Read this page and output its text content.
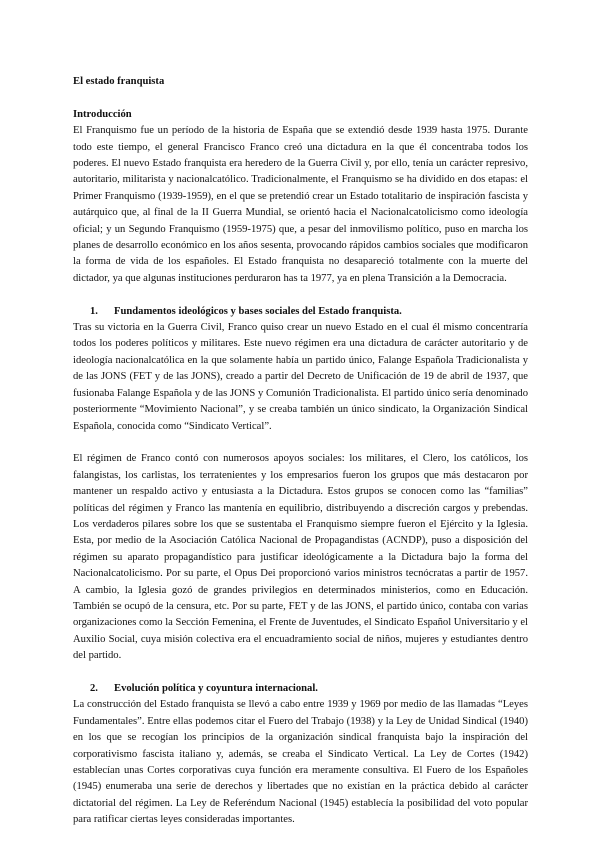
El estado franquista

Introducción

El Franquismo fue un período de la historia de España que se extendió desde 1939 hasta 1975. Durante todo este tiempo, el general Francisco Franco creó una dictadura en la que él concentraba todos los poderes. El nuevo Estado franquista era heredero de la Guerra Civil y, por ello, tenía un carácter represivo, autoritario, militarista y nacionalcatólico. Tradicionalmente, el Franquismo se ha dividido en dos etapas: el Primer Franquismo (1939-1959), en el que se pretendió crear un Estado totalitario de inspiración fascista y autárquico que, al final de la II Guerra Mundial, se orientó hacia el Nacionalcatolicismo como ideología oficial; y un Segundo Franquismo (1959-1975) que, a pesar del inmovilismo político, puso en marcha los planes de desarrollo económico en los años sesenta, provocando rápidos cambios sociales que modificaron la forma de vida de los españoles. El Estado franquista no desapareció totalmente con la muerte del dictador, ya que algunas instituciones perduraron has ta 1977, ya en plena Transición a la Democracia.

1. Fundamentos ideológicos y bases sociales del Estado franquista.

Tras su victoria en la Guerra Civil, Franco quiso crear un nuevo Estado en el cual él mismo concentraría todos los poderes políticos y militares. Este nuevo régimen era una dictadura de carácter autoritario y de ideología nacionalcatólica en la que solamente había un partido único, Falange Española Tradicionalista y de las JONS (FET y de las JONS), creado a partir del Decreto de Unificación de 19 de abril de 1937, que fusionaba Falange Española y de las JONS y Comunión Tradicionalista. El partido único sería denominado posteriormente “Movimiento Nacional”, y se creaba también un único sindicato, la Organización Sindical Española, conocida como “Sindicato Vertical”.

El régimen de Franco contó con numerosos apoyos sociales: los militares, el Clero, los católicos, los falangistas, los carlistas, los terratenientes y los empresarios fueron los grupos que más destacaron por mantener un respaldo activo y entusiasta a la Dictadura. Estos grupos se conocen como las “familias” políticas del régimen y Franco las mantenía en equilibrio, distribuyendo a discreción cargos y prebendas. Los verdaderos pilares sobre los que se sustentaba el Franquismo siempre fueron el Ejército y la Iglesia. Esta, por medio de la Asociación Católica Nacional de Propagandistas (ACNDP), puso a disposición del régimen su aparato propagandístico para justificar ideológicamente a la Dictadura bajo la forma del Nacionalcatolicismo. Por su parte, el Opus Dei proporcionó varios ministros tecnócratas a partir de 1957. A cambio, la Iglesia gozó de grandes privilegios en determinados ministerios, como en Educación. También se ocupó de la censura, etc. Por su parte, FET y de las JONS, el partido único, contaba con varias organizaciones como la Sección Femenina, el Frente de Juventudes, el Sindicato Español Universitario y el Auxilio Social, cuya misión colectiva era el encuadramiento social de niños, mujeres y estudiantes dentro del partido.

2. Evolución política y coyuntura internacional.

La construcción del Estado franquista se llevó a cabo entre 1939 y 1969 por medio de las llamadas “Leyes Fundamentales”. Entre ellas podemos citar el Fuero del Trabajo (1938) y la Ley de Unidad Sindical (1940) en los que se recogían los principios de la organización sindical franquista bajo la inspiración del corporativismo fascista italiano y, además, se creaba el Sindicato Vertical. La Ley de Cortes (1942) establecían unas Cortes corporativas cuya función era meramente consultiva. El Fuero de los Españoles (1945) enumeraba una serie de derechos y libertades que no existían en la práctica debido al carácter dictatorial del régimen. La Ley de Referéndum Nacional (1945) establecía la posibilidad del voto popular para ratificar ciertas leyes consideradas importantes.
